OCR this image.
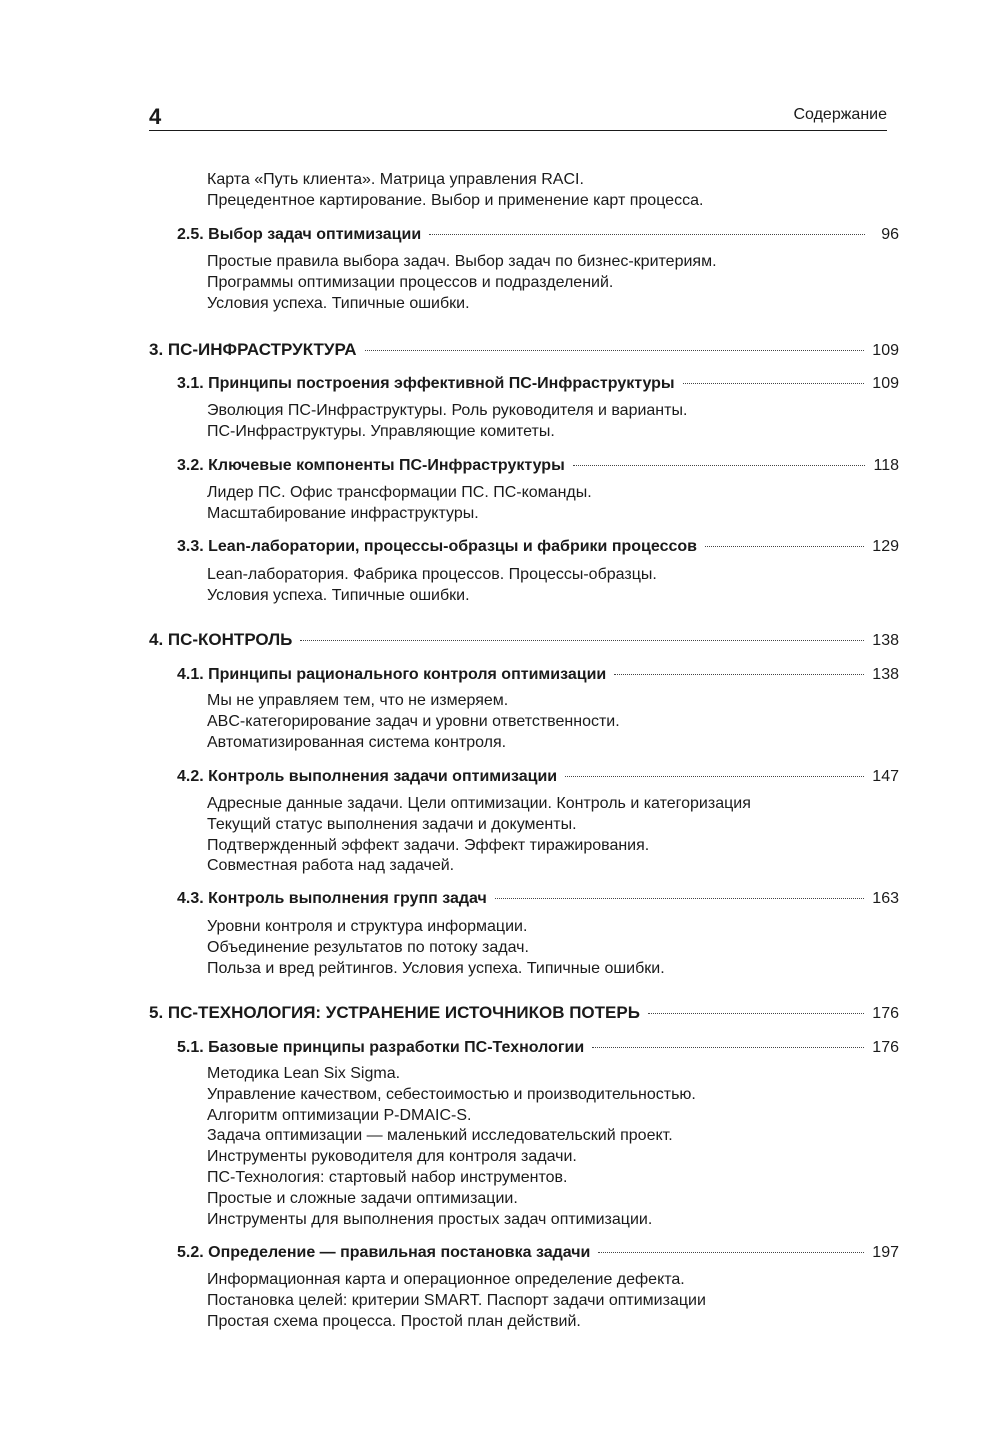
4	Содержание
Карта «Путь клиента». Матрица управления RACI.
Прецедентное картирование. Выбор и применение карт процесса.
2.5. Выбор задач оптимизации	96
Простые правила выбора задач. Выбор задач по бизнес-критериям.
Программы оптимизации процессов и подразделений.
Условия успеха. Типичные ошибки.
3. ПС-ИНФРАСТРУКТУРА	109
3.1. Принципы построения эффективной ПС-Инфраструктуры	109
Эволюция ПС-Инфраструктуры. Роль руководителя и варианты.
ПС-Инфраструктуры. Управляющие комитеты.
3.2. Ключевые компоненты ПС-Инфраструктуры	118
Лидер ПС. Офис трансформации ПС. ПС-команды.
Масштабирование инфраструктуры.
3.3. Lean-лаборатории, процессы-образцы и фабрики процессов	129
Lean-лаборатория. Фабрика процессов. Процессы-образцы.
Условия успеха. Типичные ошибки.
4. ПС-КОНТРОЛЬ	138
4.1. Принципы рационального контроля оптимизации	138
Мы не управляем тем, что не измеряем.
ABC-категорирование задач и уровни ответственности.
Автоматизированная система контроля.
4.2. Контроль выполнения задачи оптимизации	147
Адресные данные задачи. Цели оптимизации. Контроль и категоризация
Текущий статус выполнения задачи и документы.
Подтвержденный эффект задачи. Эффект тиражирования.
Совместная работа над задачей.
4.3. Контроль выполнения групп задач	163
Уровни контроля и структура информации.
Объединение результатов по потоку задач.
Польза и вред рейтингов. Условия успеха. Типичные ошибки.
5. ПС-ТЕХНОЛОГИЯ: УСТРАНЕНИЕ ИСТОЧНИКОВ ПОТЕРЬ	176
5.1. Базовые принципы разработки ПС-Технологии	176
Методика Lean Six Sigma.
Управление качеством, себестоимостью и производительностью.
Алгоритм оптимизации P-DMAIC-S.
Задача оптимизации — маленький исследовательский проект.
Инструменты руководителя для контроля задачи.
ПС-Технология: стартовый набор инструментов.
Простые и сложные задачи оптимизации.
Инструменты для выполнения простых задач оптимизации.
5.2. Определение — правильная постановка задачи	197
Информационная карта и операционное определение дефекта.
Постановка целей: критерии SMART. Паспорт задачи оптимизации
Простая схема процесса. Простой план действий.
